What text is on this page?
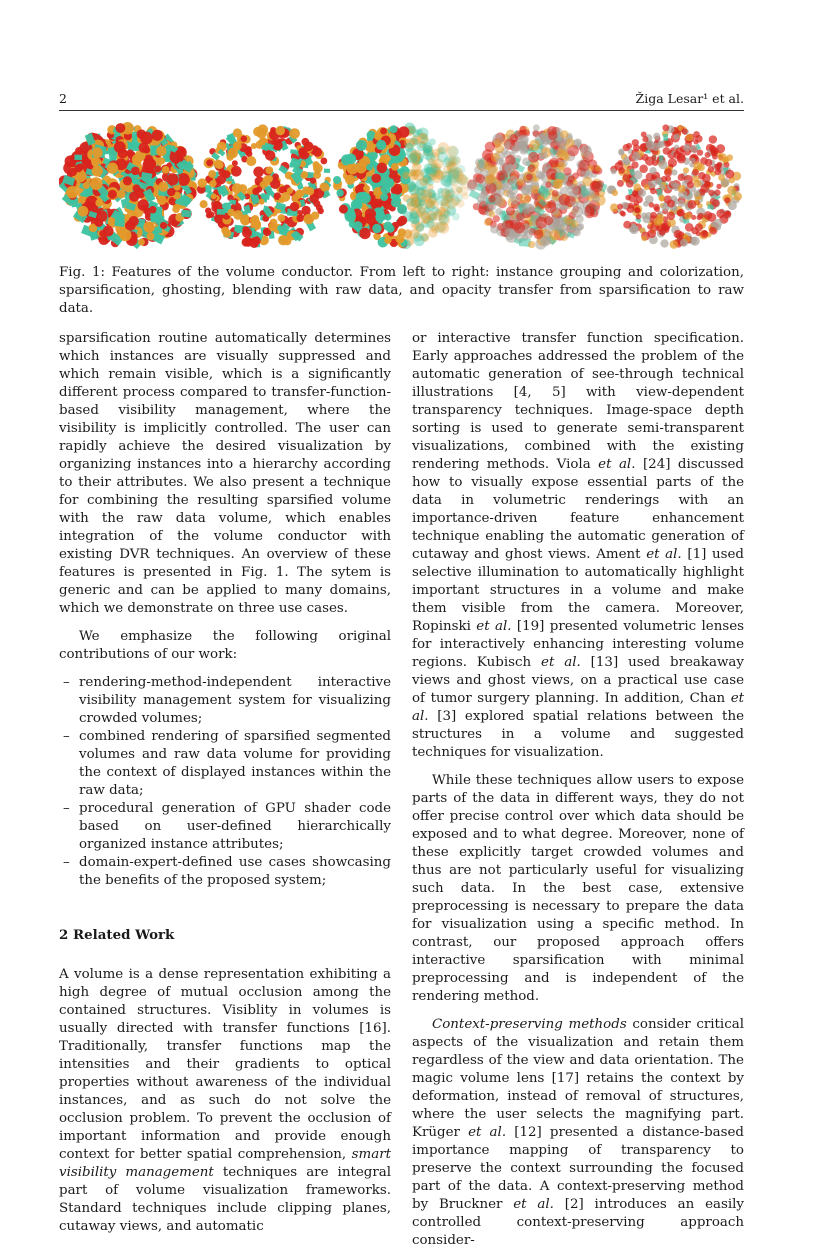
2	Žiga Lesar¹ et al.
Fig. 1: Features of the volume conductor. From left to right: instance grouping and colorization, sparsification, ghosting, blending with raw data, and opacity transfer from sparsification to raw data.

sparsification routine automatically determines which instances are visually suppressed and which remain visible, which is a significantly different process compared to transfer-function-based visibility management, where the visibility is implicitly controlled. The user can rapidly achieve the desired visualization by organizing instances into a hierarchy according to their attributes. We also present a technique for combining the resulting sparsified volume with the raw data volume, which enables integration of the volume conductor with existing DVR techniques. An overview of these features is presented in Fig. 1. The sytem is generic and can be applied to many domains, which we demonstrate on three use cases.

We emphasize the following original contributions of our work:

– rendering-method-independent interactive visibility management system for visualizing crowded volumes;
– combined rendering of sparsified segmented volumes and raw data volume for providing the context of displayed instances within the raw data;
– procedural generation of GPU shader code based on user-defined hierarchically organized instance attributes;
– domain-expert-defined use cases showcasing the benefits of the proposed system;
2 Related Work

A volume is a dense representation exhibiting a high degree of mutual occlusion among the contained structures. Visiblity in volumes is usually directed with transfer functions [16]. Traditionally, transfer functions map the intensities and their gradients to optical properties without awareness of the individual instances, and as such do not solve the occlusion problem. To prevent the occlusion of important information and provide enough context for better spatial comprehension, smart visibility management techniques are integral part of volume visualization frameworks. Standard techniques include clipping planes, cutaway views, and automatic

or interactive transfer function specification. Early approaches addressed the problem of the automatic generation of see-through technical illustrations [4, 5] with view-dependent transparency techniques. Image-space depth sorting is used to generate semi-transparent visualizations, combined with the existing rendering methods. Viola et al. [24] discussed how to visually expose essential parts of the data in volumetric renderings with an importance-driven feature enhancement technique enabling the automatic generation of cutaway and ghost views. Ament et al. [1] used selective illumination to automatically highlight important structures in a volume and make them visible from the camera. Moreover, Ropinski et al. [19] presented volumetric lenses for interactively enhancing interesting volume regions. Kubisch et al. [13] used breakaway views and ghost views, on a practical use case of tumor surgery planning. In addition, Chan et al. [3] explored spatial relations between the structures in a volume and suggested techniques for visualization.

While these techniques allow users to expose parts of the data in different ways, they do not offer precise control over which data should be exposed and to what degree. Moreover, none of these explicitly target crowded volumes and thus are not particularly useful for visualizing such data. In the best case, extensive preprocessing is necessary to prepare the data for visualization using a specific method. In contrast, our proposed approach offers interactive sparsification with minimal preprocessing and is independent of the rendering method.

Context-preserving methods consider critical aspects of the visualization and retain them regardless of the view and data orientation. The magic volume lens [17] retains the context by deformation, instead of removal of structures, where the user selects the magnifying part. Krüger et al. [12] presented a distance-based importance mapping of transparency to preserve the context surrounding the focused part of the data. A context-preserving method by Bruckner et al. [2] introduces an easily controlled context-preserving approach consider-
